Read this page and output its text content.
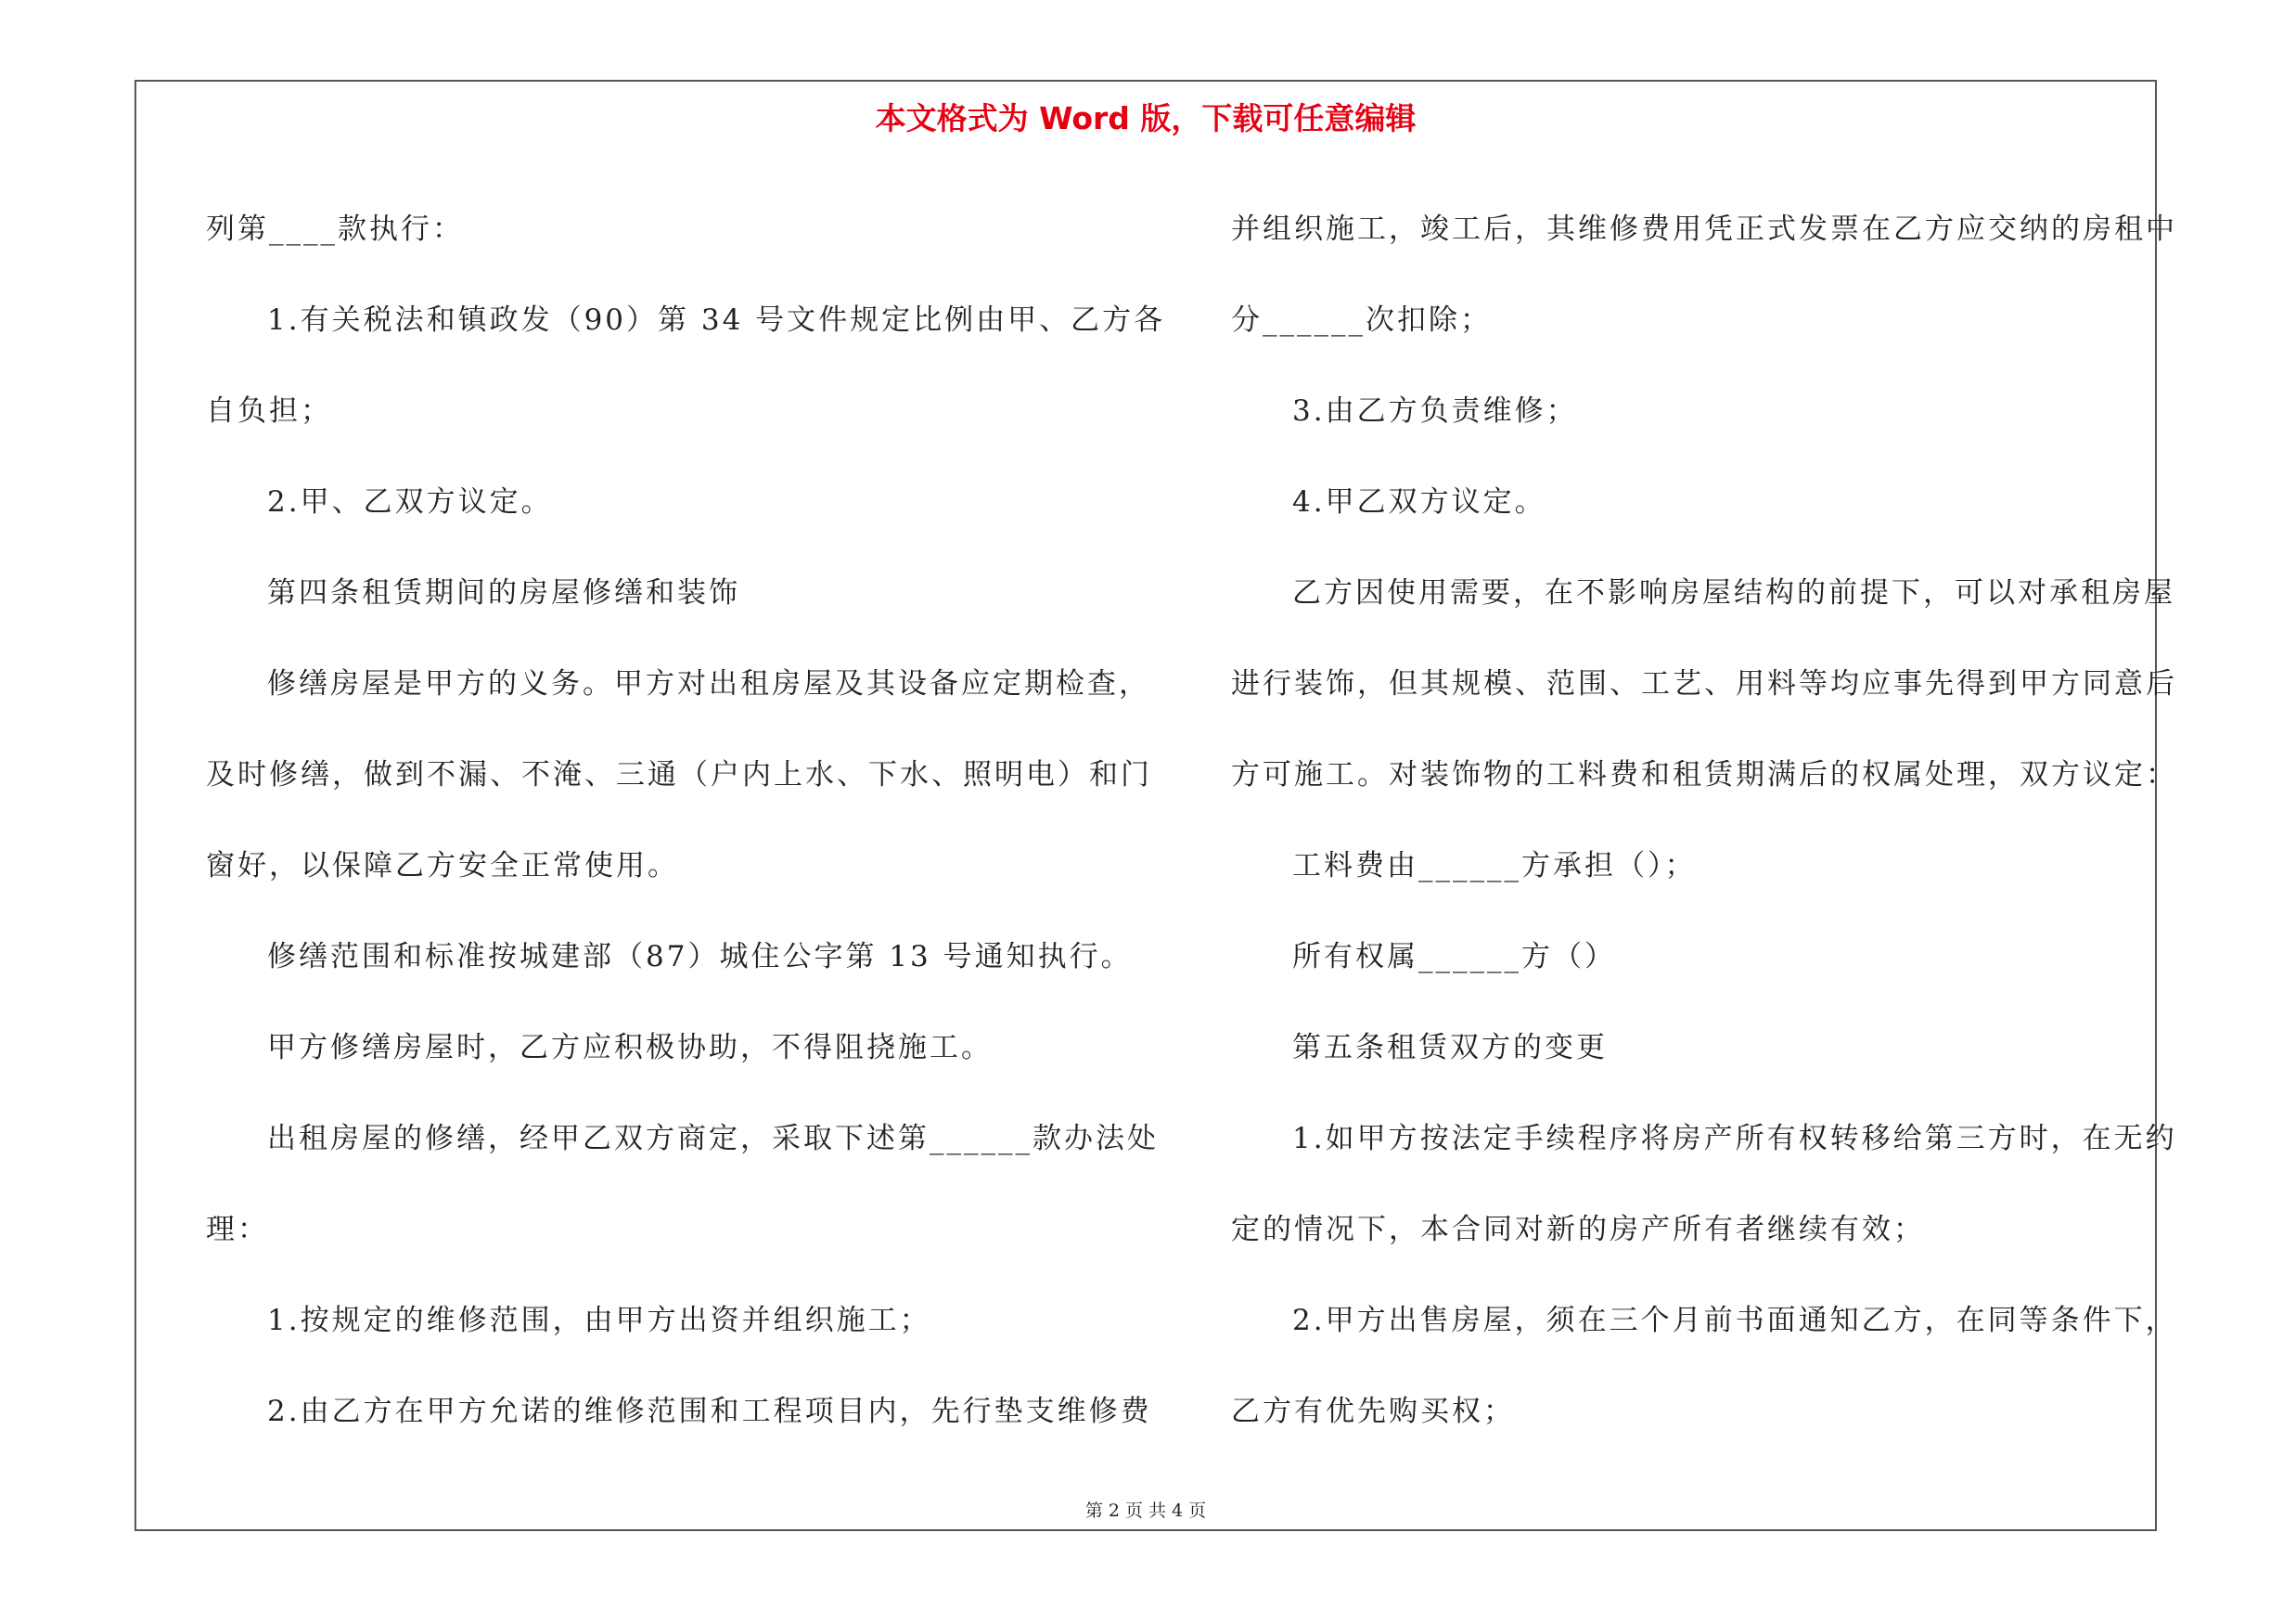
本文格式为 Word 版，下载可任意编辑
列第____款执行：
1.有关税法和镇政发（90）第 34 号文件规定比例由甲、乙方各
自负担；
2.甲、乙双方议定。
第四条租赁期间的房屋修缮和装饰
修缮房屋是甲方的义务。甲方对出租房屋及其设备应定期检查，
及时修缮，做到不漏、不淹、三通（户内上水、下水、照明电）和门
窗好，以保障乙方安全正常使用。
修缮范围和标准按城建部（87）城住公字第 13 号通知执行。
甲方修缮房屋时，乙方应积极协助，不得阻挠施工。
出租房屋的修缮，经甲乙双方商定，采取下述第______款办法处
理：
1.按规定的维修范围，由甲方出资并组织施工；
2.由乙方在甲方允诺的维修范围和工程项目内，先行垫支维修费
并组织施工，竣工后，其维修费用凭正式发票在乙方应交纳的房租中
分______次扣除；
3.由乙方负责维修；
4.甲乙双方议定。
乙方因使用需要，在不影响房屋结构的前提下，可以对承租房屋
进行装饰，但其规模、范围、工艺、用料等均应事先得到甲方同意后
方可施工。对装饰物的工料费和租赁期满后的权属处理，双方议定：
工料费由______方承担（）；
所有权属______方（）
第五条租赁双方的变更
1.如甲方按法定手续程序将房产所有权转移给第三方时，在无约
定的情况下，本合同对新的房产所有者继续有效；
2.甲方出售房屋，须在三个月前书面通知乙方，在同等条件下，
乙方有优先购买权；
第 2 页 共 4 页
